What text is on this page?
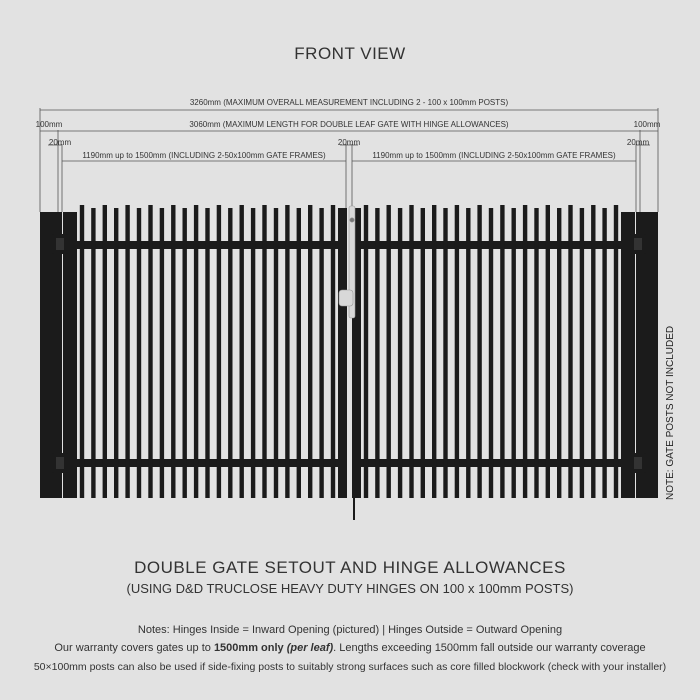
FRONT VIEW
3260mm (MAXIMUM OVERALL MEASUREMENT INCLUDING 2 - 100 x 100mm POSTS)
3060mm (MAXIMUM LENGTH FOR DOUBLE LEAF GATE WITH HINGE ALLOWANCES)
100mm	100mm
20mm	20mm	20mm
1190mm up to 1500mm (INCLUDING 2-50x100mm GATE FRAMES)	1190mm up to 1500mm (INCLUDING 2-50x100mm GATE FRAMES)
NOTE: GATE POSTS NOT INCLUDED
DOUBLE GATE SETOUT AND HINGE ALLOWANCES
(USING D&D TRUCLOSE HEAVY DUTY HINGES ON 100 x 100mm POSTS)
Notes: Hinges Inside = Inward Opening (pictured) | Hinges Outside = Outward Opening
Our warranty covers gates up to 1500mm only (per leaf). Lengths exceeding 1500mm fall outside our warranty coverage
50×100mm posts can also be used if side-fixing posts to suitably strong surfaces such as core filled blockwork (check with your installer)
